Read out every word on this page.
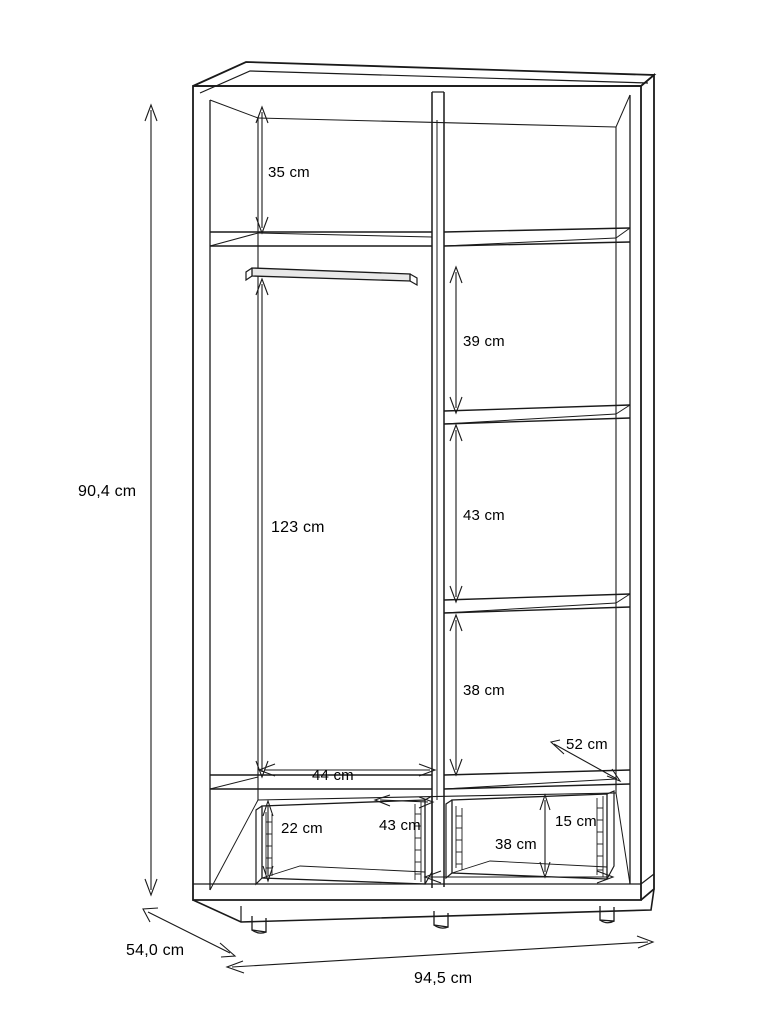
90,4 cm
35 cm
123 cm
39 cm
43 cm
38 cm
52 cm
44 cm
22 cm	43 cm	15 cm
38 cm
54,0 cm
94,5 cm
